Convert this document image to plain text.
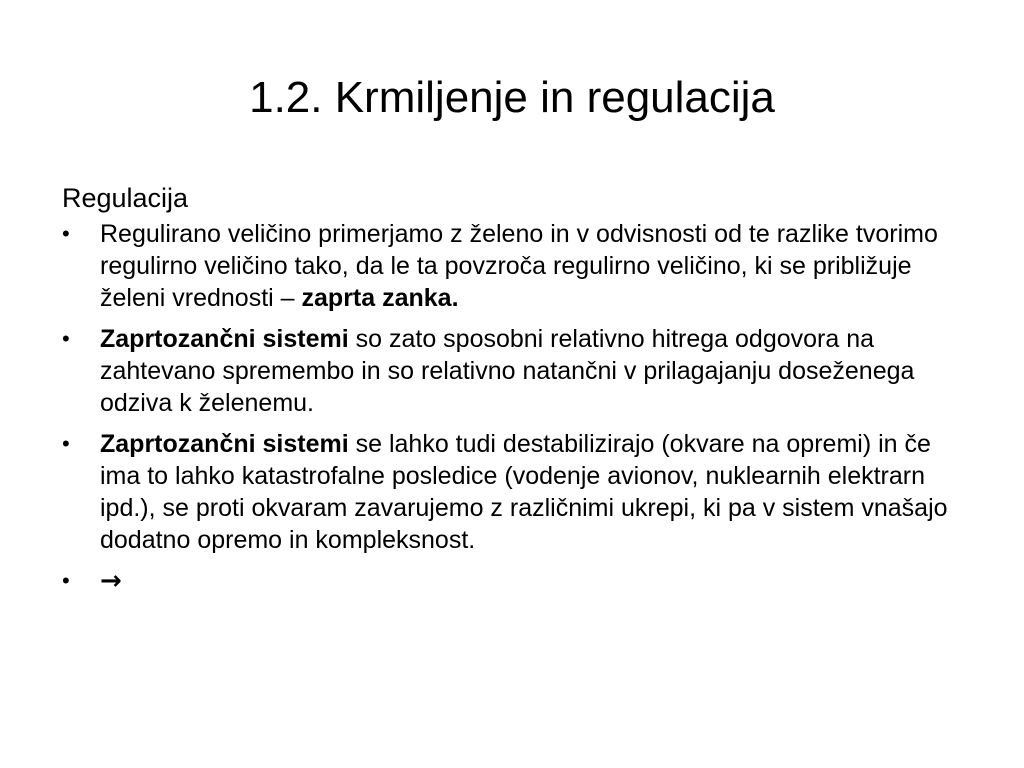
1.2. Krmiljenje in regulacija
Regulacija
•	Regulirano veličino primerjamo z želeno in v odvisnosti od te razlike tvorimo regulirno veličino tako, da le ta povzroča regulirno veličino, ki se približuje želeni vrednosti – zaprta zanka.
•	Zaprtozančni sistemi so zato sposobni relativno hitrega odgovora na zahtevano spremembo in so relativno natančni v prilagajanju doseženega odziva k želenemu.
•	Zaprtozančni sistemi se lahko tudi destabilizirajo (okvare na opremi) in če ima to lahko katastrofalne posledice (vodenje avionov, nuklearnih elektrarn ipd.), se proti okvaram zavarujemo z različnimi ukrepi, ki pa v sistem vnašajo dodatno opremo in kompleksnost.
•	→
